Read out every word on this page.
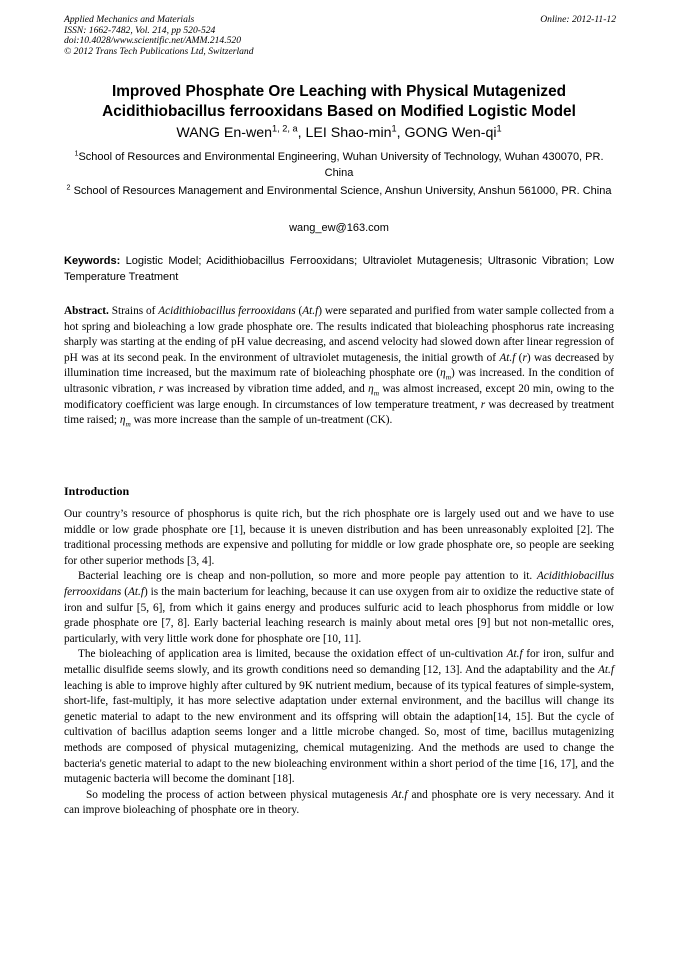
Applied Mechanics and Materials
ISSN: 1662-7482, Vol. 214, pp 520-524
doi:10.4028/www.scientific.net/AMM.214.520
© 2012 Trans Tech Publications Ltd, Switzerland
Online: 2012-11-12
Improved Phosphate Ore Leaching with Physical Mutagenized
Acidithiobacillus ferrooxidans Based on Modified Logistic Model
WANG En-wen$^{1, 2, a}$, LEI Shao-$\min^1$, GONG Wen-$qi^1$
$^1$School of Resources and Environmental Engineering, Wuhan University of Technology, Wuhan 430070, PR. China
$^2$ School of Resources Management and Environmental Science, Anshun University, Anshun 561000, PR. China
wang_ew@163.com
Keywords: Logistic Model; Acidithiobacillus Ferrooxidans; Ultraviolet Mutagenesis; Ultrasonic Vibration; Low Temperature Treatment
Abstract. Strains of Acidithiobacillus ferrooxidans (At.f) were separated and purified from water sample collected from a hot spring and bioleaching a low grade phosphate ore. The results indicated that bioleaching phosphorus rate increasing sharply was starting at the ending of pH value decreasing, and ascend velocity had slowed down after linear regression of pH was at its second peak. In the environment of ultraviolet mutagenesis, the initial growth of At.f (r) was decreased by illumination time increased, but the maximum rate of bioleaching phosphate ore $(\eta_m)$ was increased. In the condition of ultrasonic vibration, r was increased by vibration time added, and $\eta_m$ was almost increased, except 20 min, owing to the modificatory coefficient was large enough. In circumstances of low temperature treatment, r was decreased by treatment time raised; $\eta_m$ was more increase than the sample of un-treatment (CK).
Introduction

Our country’s resource of phosphorus is quite rich, but the rich phosphate ore is largely used out and we have to use middle or low grade phosphate ore [1], because it is uneven distribution and has been unreasonably exploited [2]. The traditional processing methods are expensive and polluting for middle or low grade phosphate ore, so people are seeking for other superior methods [3, 4].

Bacterial leaching ore is cheap and non-pollution, so more and more people pay attention to it. Acidithiobacillus ferrooxidans (At.f) is the main bacterium for leaching, because it can use oxygen from air to oxidize the reductive state of iron and sulfur [5, 6], from which it gains energy and produces sulfuric acid to leach phosphorus from middle or low grade phosphate ore [7, 8]. Early bacterial leaching research is mainly about metal ores [9] but not non-metallic ores, particularly, with very little work done for phosphate ore [10, 11].

The bioleaching of application area is limited, because the oxidation effect of un-cultivation At.f for iron, sulfur and metallic disulfide seems slowly, and its growth conditions need so demanding [12, 13]. And the adaptability and the At.f leaching is able to improve highly after cultured by 9K nutrient medium, because of its typical features of simple-system, short-life, fast-multiply, it has more selective adaptation under external environment, and the bacillus will change its genetic material to adapt to the new environment and its offspring will obtain the adaption[14, 15]. But the cycle of cultivation of bacillus adaption seems longer and a little microbe changed. So, most of time, bacillus mutagenizing methods are composed of physical mutagenizing, chemical mutagenizing. And the methods are used to change the bacteria's genetic material to adapt to the new bioleaching environment within a short period of the time [16, 17], and the mutagenic bacteria will become the dominant [18].

So modeling the process of action between physical mutagenesis At.f and phosphate ore is very necessary. And it can improve bioleaching of phosphate ore in theory.
